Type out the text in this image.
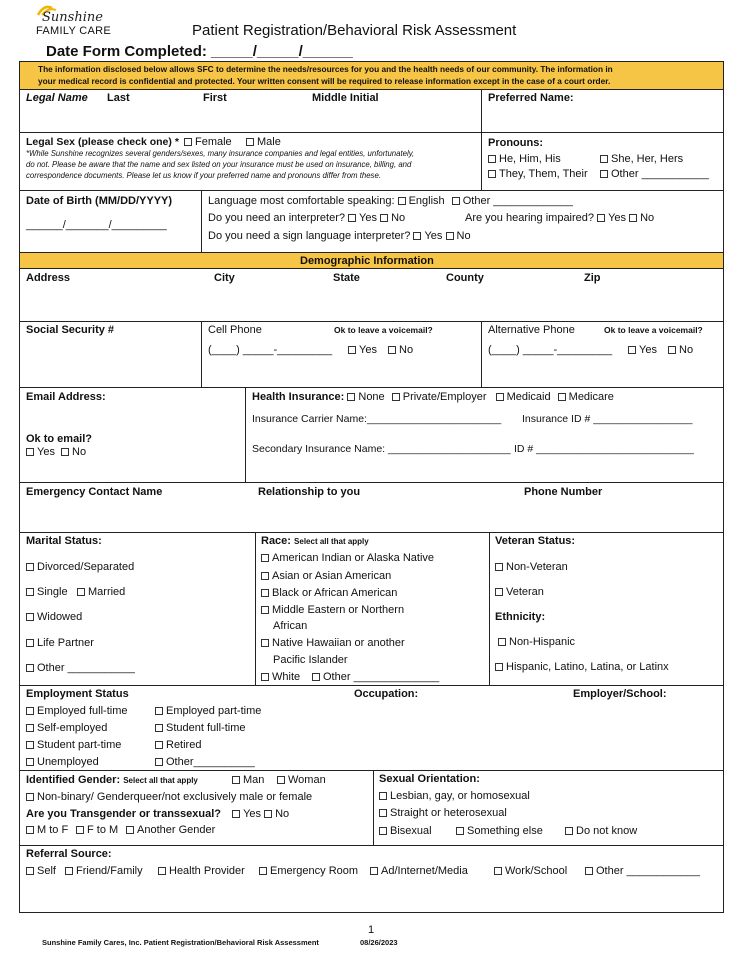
Sunshine
FAMILY CARE	Patient Registration/Behavioral Risk Assessment
Date Form Completed: _____/_____/______
The information disclosed below allows SFC to determine the needs/resources for you and the health needs of our community. The information in
your medical record is confidential and protected. Your written consent will be required to release information except in the case of a court order.
Legal Name Last	First	Middle Initial	Preferred Name:
Legal Sex (please check one) *	Female	Male
*While Sunshine recognizes several genders/sexes, many insurance companies and legal entities, unfortunately,
do not. Please be aware that the name and sex listed on your insurance must be used on insurance, billing, and
correspondence documents. Please let us know if your preferred name and pronouns differ from these.
Pronouns:
He, Him, His	She, Her, Hers
They, Them, Their	Other ___________
Date of Birth (MM/DD/YYYY)
______/_______/_________
Language most comfortable speaking: English Other _____________
Do you need an interpreter? Yes No	Are you hearing impaired? Yes No
Do you need a sign language interpreter? Yes No
Demographic Information
Address	City	State	County	Zip
Social Security #	Cell Phone	Ok to leave a voicemail?
(____) _____-_________	Yes	No
Alternative Phone	Ok to leave a voicemail?
(____) _____-_________	Yes	No
Email Address:
Ok to email?
Yes	No
Health Insurance: None Private/Employer Medicaid Medicare
Insurance Carrier Name:_______________________ Insurance ID # _________________
Secondary Insurance Name: _____________________ ID # ___________________________
Emergency Contact Name	Relationship to you	Phone Number
Marital Status:
Divorced/Separated
Single	Married
Widowed
Life Partner
Other ___________
Race: Select all that apply
American Indian or Alaska Native
Asian or Asian American
Black or African American
Middle Eastern or Northern
African
Native Hawaiian or another
Pacific Islander
White	Other ______________
Veteran Status:
Non-Veteran
Veteran
Ethnicity:
Non-Hispanic
Hispanic, Latino, Latina, or Latinx
Employment Status	Occupation:	Employer/School:
Employed full-time	Employed part-time
Self-employed	Student full-time
Student part-time	Retired
Unemployed	Other__________
Identified Gender: Select all that apply	Man	Woman
Non-binary/ Genderqueer/not exclusively male or female
Are you Transgender or transsexual? Yes No
M to F	F to M	Another Gender
Sexual Orientation:
Lesbian, gay, or homosexual
Straight or heterosexual
Bisexual	Something else	Do not know
Referral Source:
Self	Friend/Family	Health Provider	Emergency Room	Ad/Internet/Media	Work/School	Other ____________
1
Sunshine Family Cares, Inc. Patient Registration/Behavioral Risk Assessment	08/26/2023
